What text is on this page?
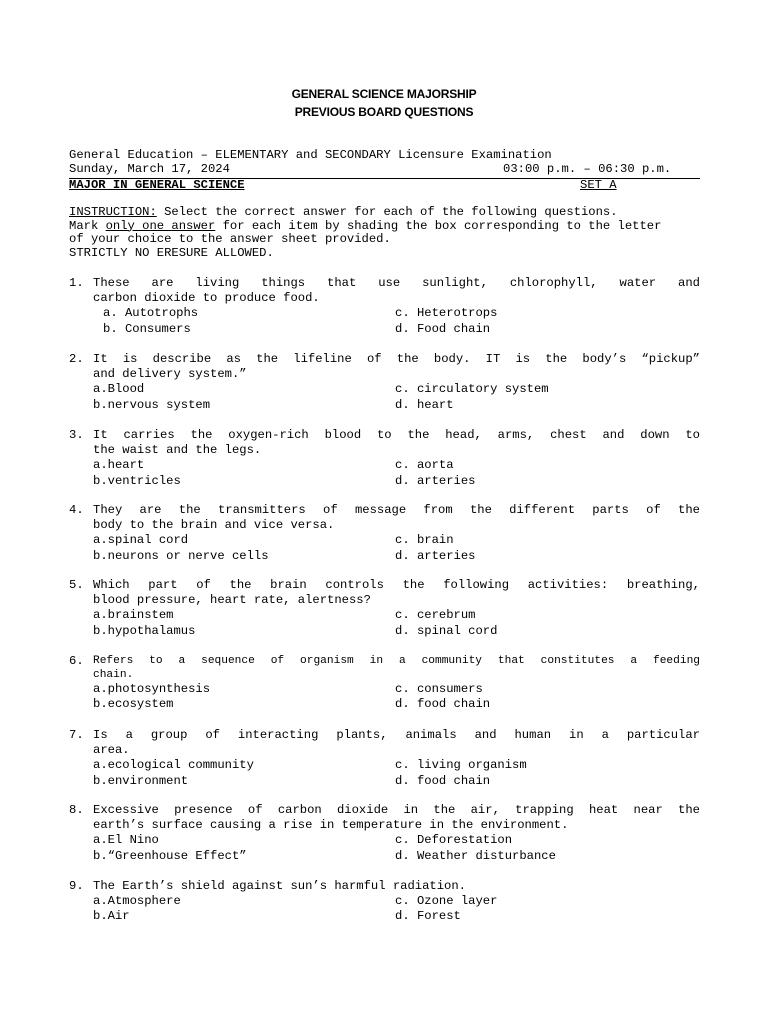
GENERAL SCIENCE MAJORSHIP
PREVIOUS BOARD QUESTIONS
General Education – ELEMENTARY and SECONDARY Licensure Examination
Sunday, March 17, 2024	03:00 p.m. – 06:30 p.m.
MAJOR IN GENERAL SCIENCE	SET A
INSTRUCTION: Select the correct answer for each of the following questions.
Mark only one answer for each item by shading the box corresponding to the letter
of your choice to the answer sheet provided.
STRICTLY NO ERESURE ALLOWED.
1. These are living things that use sunlight, chlorophyll, water and
carbon dioxide to produce food.
a. Autotrophs
b. Consumers
c. Heterotrops
d. Food chain
2. It is describe as the lifeline of the body. IT is the body’s “pickup”
and delivery system.”
a.Blood
b.nervous system
c. circulatory system
d. heart
3. It carries the oxygen-rich blood to the head, arms, chest and down to
the waist and the legs.
a.heart
b.ventricles
c. aorta
d. arteries
4. They are the transmitters of message from the different parts of the
body to the brain and vice versa.
a.spinal cord
b.neurons or nerve cells
c. brain
d. arteries
5. Which part of the brain controls the following activities: breathing,
blood pressure, heart rate, alertness?
a.brainstem
b.hypothalamus
c. cerebrum
d. spinal cord
6. Refers to a sequence of organism in a community that constitutes a feeding
chain.
a.photosynthesis
b.ecosystem
c. consumers
d. food chain
7. Is a group of interacting plants, animals and human in a particular
area.
a.ecological community
b.environment
c. living organism
d. food chain
8. Excessive presence of carbon dioxide in the air, trapping heat near the
earth’s surface causing a rise in temperature in the environment.
a.El Nino
b.“Greenhouse Effect”
c. Deforestation
d. Weather disturbance
9. The Earth’s shield against sun’s harmful radiation.
a.Atmosphere
b.Air
c. Ozone layer
d. Forest
